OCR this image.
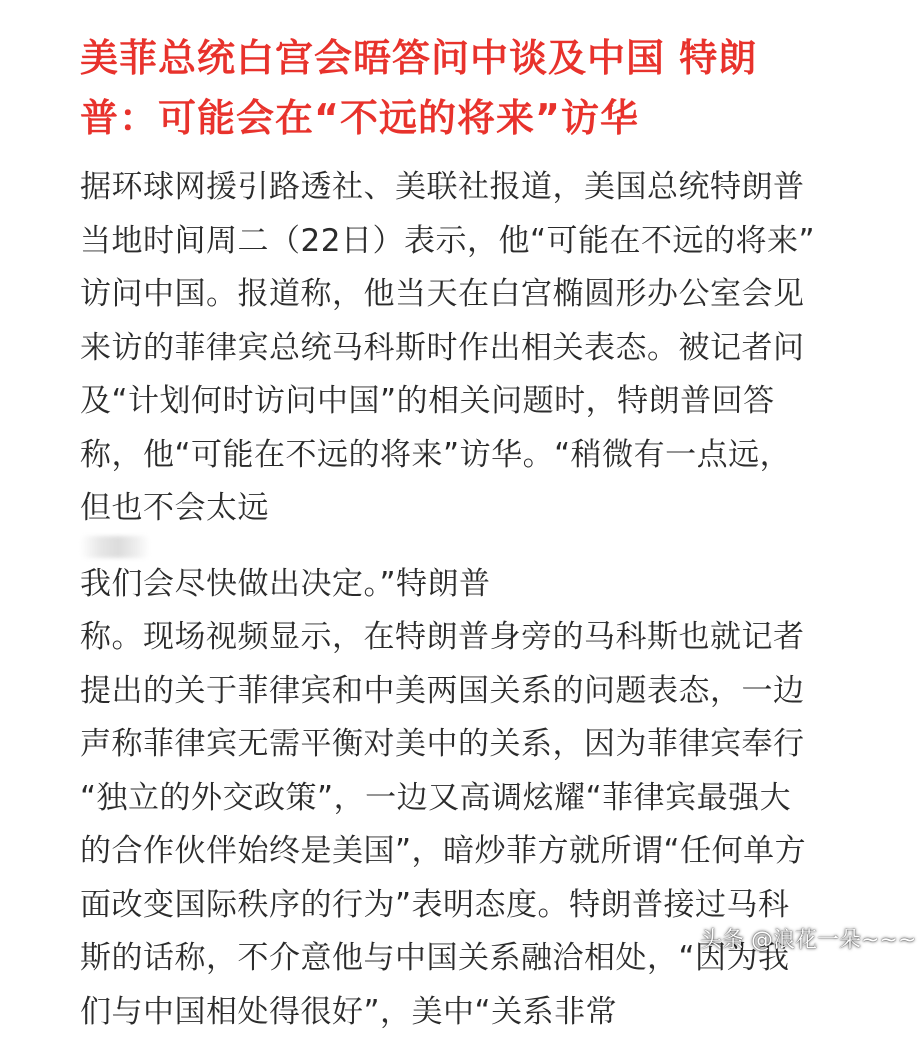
美菲总统白宫会晤答问中谈及中国 特朗
普：可能会在“不远的将来”访华
据环球网援引路透社、美联社报道，美国总统特朗普
当地时间周二（22日）表示，他“可能在不远的将来”
访问中国。报道称，他当天在白宫椭圆形办公室会见
来访的菲律宾总统马科斯时作出相关表态。被记者问
及“计划何时访问中国”的相关问题时，特朗普回答
称，他“可能在不远的将来”访华。“稍微有一点远，
但也不会太远
我们会尽快做出决定。”特朗普
称。现场视频显示，在特朗普身旁的马科斯也就记者
提出的关于菲律宾和中美两国关系的问题表态，一边
声称菲律宾无需平衡对美中的关系，因为菲律宾奉行
“独立的外交政策”，一边又高调炫耀“菲律宾最强大
的合作伙伴始终是美国”，暗炒菲方就所谓“任何单方
面改变国际秩序的行为”表明态度。特朗普接过马科
斯的话称，不介意他与中国关系融洽相处，“因为我
们与中国相处得很好”，美中“关系非常
头条 @浪花一朵~~~
